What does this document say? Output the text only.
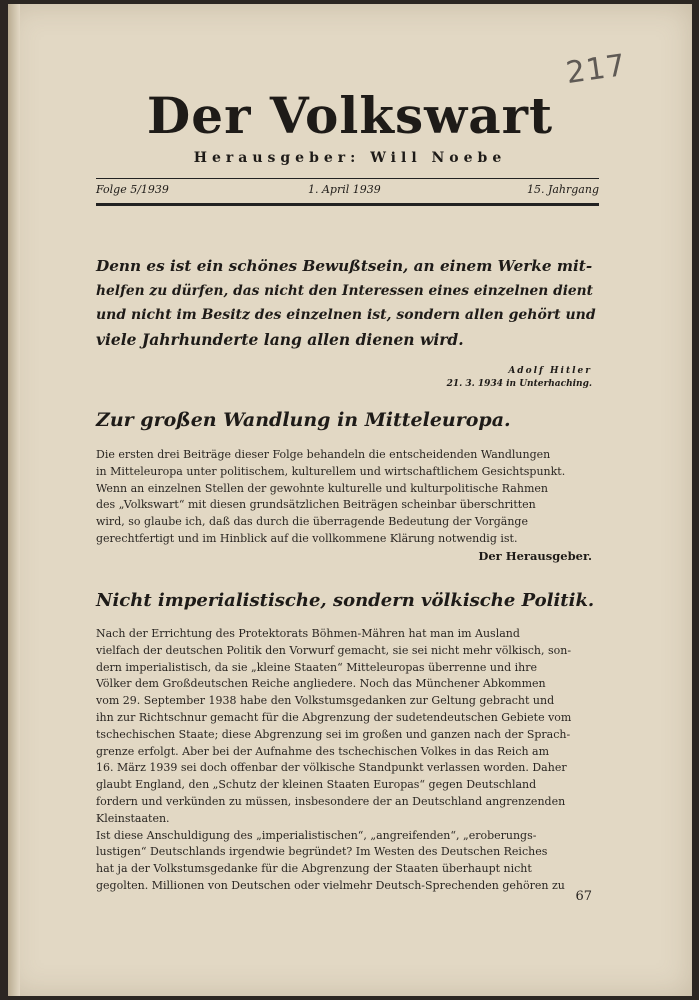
217
Der Volkswart
Herausgeber: Will Noebe
Folge 5/1939	1. April 1939	15. Jahrgang
Denn es ist ein schönes Bewußtsein, an einem Werke mit-
helfen zu dürfen, das nicht den Interessen eines einzelnen dient
und nicht im Besitz des einzelnen ist, sondern allen gehört und
viele Jahrhunderte lang allen dienen wird.
Adolf Hitler
21. 3. 1934 in Unterhaching.
Zur großen Wandlung in Mitteleuropa.
Die ersten drei Beiträge dieser Folge behandeln die entscheidenden Wandlungen
in Mitteleuropa unter politischem, kulturellem und wirtschaftlichem Gesichtspunkt.
Wenn an einzelnen Stellen der gewohnte kulturelle und kulturpolitische Rahmen
des „Volkswart“ mit diesen grundsätzlichen Beiträgen scheinbar überschritten
wird, so glaube ich, daß das durch die überragende Bedeutung der Vorgänge
gerechtfertigt und im Hinblick auf die vollkommene Klärung notwendig ist.
Der Herausgeber.
Nicht imperialistische, sondern völkische Politik.
Nach der Errichtung des Protektorats Böhmen-Mähren hat man im Ausland
vielfach der deutschen Politik den Vorwurf gemacht, sie sei nicht mehr völkisch, son-
dern imperialistisch, da sie „kleine Staaten“ Mitteleuropas überrenne und ihre
Völker dem Großdeutschen Reiche angliedere. Noch das Münchener Abkommen
vom 29. September 1938 habe den Volkstumsgedanken zur Geltung gebracht und
ihn zur Richtschnur gemacht für die Abgrenzung der sudetendeutschen Gebiete vom
tschechischen Staate; diese Abgrenzung sei im großen und ganzen nach der Sprach-
grenze erfolgt. Aber bei der Aufnahme des tschechischen Volkes in das Reich am
16. März 1939 sei doch offenbar der völkische Standpunkt verlassen worden. Daher
glaubt England, den „Schutz der kleinen Staaten Europas“ gegen Deutschland
fordern und verkünden zu müssen, insbesondere der an Deutschland angrenzenden
Kleinstaaten.
Ist diese Anschuldigung des „imperialistischen“, „angreifenden“, „eroberungs-
lustigen“ Deutschlands irgendwie begründet? Im Westen des Deutschen Reiches
hat ja der Volkstumsgedanke für die Abgrenzung der Staaten überhaupt nicht
gegolten. Millionen von Deutschen oder vielmehr Deutsch-Sprechenden gehören zu
67
